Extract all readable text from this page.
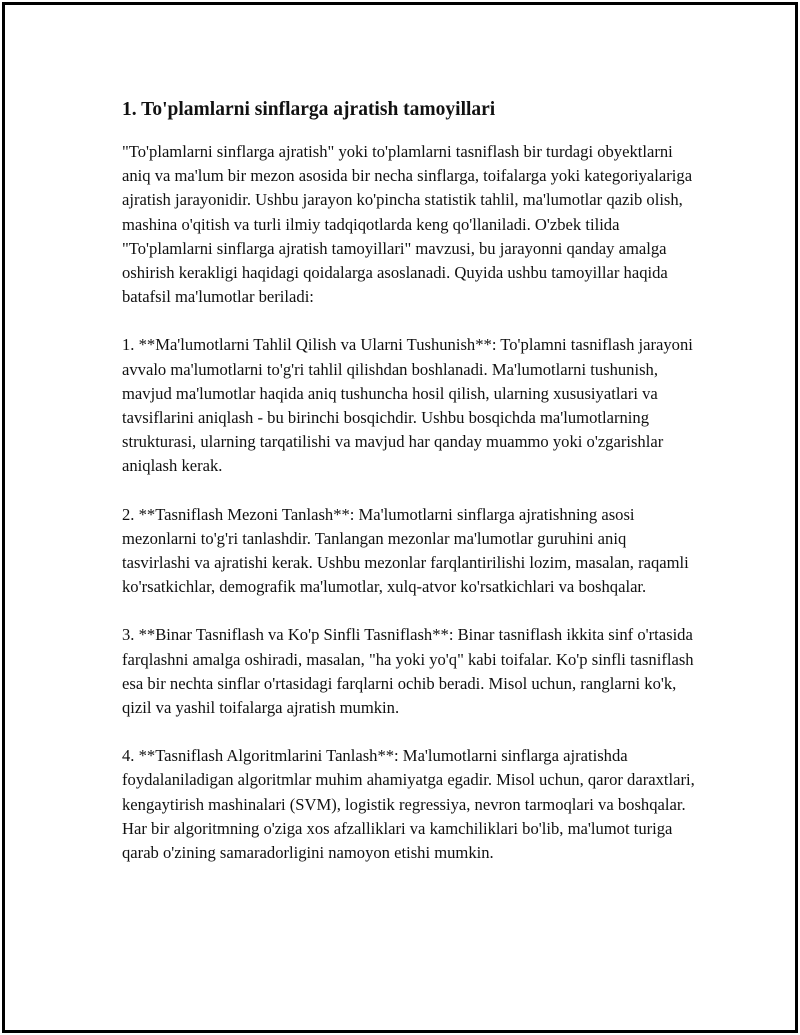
1. To'plamlarni sinflarga ajratish tamoyillari

"To'plamlarni sinflarga ajratish" yoki to'plamlarni tasniflash bir turdagi obyektlarni aniq va ma'lum bir mezon asosida bir necha sinflarga, toifalarga yoki kategoriyalariga ajratish jarayonidir. Ushbu jarayon ko'pincha statistik tahlil, ma'lumotlar qazib olish, mashina o'qitish va turli ilmiy tadqiqotlarda keng qo'llaniladi. O'zbek tilida "To'plamlarni sinflarga ajratish tamoyillari" mavzusi, bu jarayonni qanday amalga oshirish kerakligi haqidagi qoidalarga asoslanadi. Quyida ushbu tamoyillar haqida batafsil ma'lumotlar beriladi:

1. **Ma'lumotlarni Tahlil Qilish va Ularni Tushunish**: To'plamni tasniflash jarayoni avvalo ma'lumotlarni to'g'ri tahlil qilishdan boshlanadi. Ma'lumotlarni tushunish, mavjud ma'lumotlar haqida aniq tushuncha hosil qilish, ularning xususiyatlari va tavsiflarini aniqlash - bu birinchi bosqichdir. Ushbu bosqichda ma'lumotlarning strukturasi, ularning tarqatilishi va mavjud har qanday muammo yoki o'zgarishlar aniqlash kerak.

2. **Tasniflash Mezoni Tanlash**: Ma'lumotlarni sinflarga ajratishning asosi mezonlarni to'g'ri tanlashdir. Tanlangan mezonlar ma'lumotlar guruhini aniq tasvirlashi va ajratishi kerak. Ushbu mezonlar farqlantirilishi lozim, masalan, raqamli ko'rsatkichlar, demografik ma'lumotlar, xulq-atvor ko'rsatkichlari va boshqalar.

3. **Binar Tasniflash va Ko'p Sinfli Tasniflash**: Binar tasniflash ikkita sinf o'rtasida farqlashni amalga oshiradi, masalan, "ha yoki yo'q" kabi toifalar. Ko'p sinfli tasniflash esa bir nechta sinflar o'rtasidagi farqlarni ochib beradi. Misol uchun, ranglarni ko'k, qizil va yashil toifalarga ajratish mumkin.

4. **Tasniflash Algoritmlarini Tanlash**: Ma'lumotlarni sinflarga ajratishda foydalaniladigan algoritmlar muhim ahamiyatga egadir. Misol uchun, qaror daraxtlari, kengaytirish mashinalari (SVM), logistik regressiya, nevron tarmoqlari va boshqalar. Har bir algoritmning o'ziga xos afzalliklari va kamchiliklari bo'lib, ma'lumot turiga qarab o'zining samaradorligini namoyon etishi mumkin.
